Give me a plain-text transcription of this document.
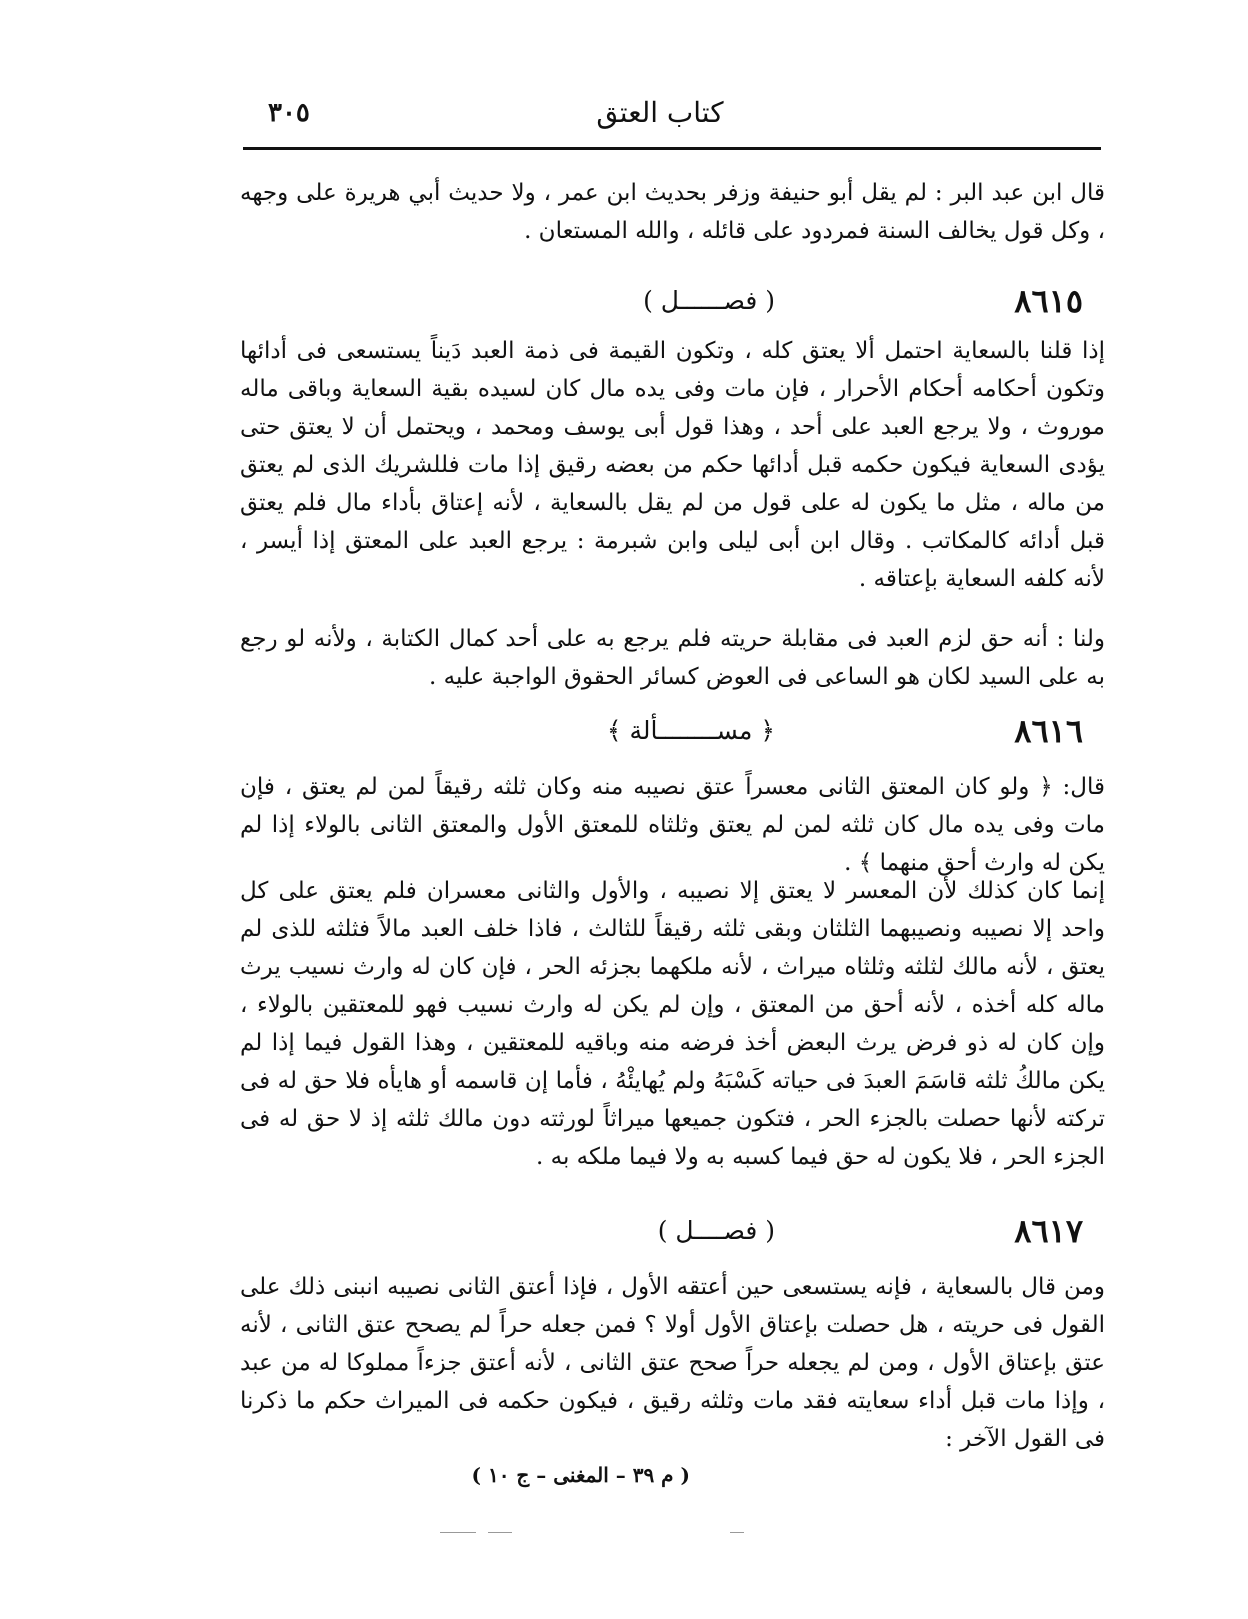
٣٠٥	كتاب العتق

قال ابن عبد البر : لم يقل أبو حنيفة وزفر بحديث ابن عمر ، ولا حديث أبي هريرة على وجهه ، وكل قول يخالف السنة فمردود على قائله ، والله المستعان .

٨٦١٥
( فصــــــل )

إذا قلنا بالسعاية احتمل ألا يعتق كله ، وتكون القيمة فى ذمة العبد دَيناً يستسعى فى أدائها وتكون أحكامه أحكام الأحرار ، فإن مات وفى يده مال كان لسيده بقية السعاية وباقى ماله موروث ، ولا يرجع العبد على أحد ، وهذا قول أبى يوسف ومحمد ، ويحتمل أن لا يعتق حتى يؤدى السعاية فيكون حكمه قبل أدائها حكم من بعضه رقيق إذا مات فللشريك الذى لم يعتق من ماله ، مثل ما يكون له على قول من لم يقل بالسعاية ، لأنه إعتاق بأداء مال فلم يعتق قبل أدائه كالمكاتب . وقال ابن أبى ليلى وابن شبرمة : يرجع العبد على المعتق إذا أيسر ، لأنه كلفه السعاية بإعتاقه .

ولنا : أنه حق لزم العبد فى مقابلة حريته فلم يرجع به على أحد كمال الكتابة ، ولأنه لو رجع به على السيد لكان هو الساعى فى العوض كسائر الحقوق الواجبة عليه .

٨٦١٦
﴿ مســــــــألة ﴾

قال: ﴿ ولو كان المعتق الثانى معسراً عتق نصيبه منه وكان ثلثه رقيقاً لمن لم يعتق ، فإن مات وفى يده مال كان ثلثه لمن لم يعتق وثلثاه للمعتق الأول والمعتق الثانى بالولاء إذا لم يكن له وارث أحق منهما ﴾ .

إنما كان كذلك لأن المعسر لا يعتق إلا نصيبه ، والأول والثانى معسران فلم يعتق على كل واحد إلا نصيبه ونصيبهما الثلثان وبقى ثلثه رقيقاً للثالث ، فاذا خلف العبد مالاً فثلثه للذى لم يعتق ، لأنه مالك لثلثه وثلثاه ميراث ، لأنه ملكهما بجزئه الحر ، فإن كان له وارث نسيب يرث ماله كله أخذه ، لأنه أحق من المعتق ، وإن لم يكن له وارث نسيب فهو للمعتقين بالولاء ، وإن كان له ذو فرض يرث البعض أخذ فرضه منه وباقيه للمعتقين ، وهذا القول فيما إذا لم يكن مالكُ ثلثه قاسَمَ العبدَ فى حياته كَسْبَهُ ولم يُهايئْهُ ، فأما إن قاسمه أو هايأه فلا حق له فى تركته لأنها حصلت بالجزء الحر ، فتكون جميعها ميراثاً لورثته دون مالك ثلثه إذ لا حق له فى الجزء الحر ، فلا يكون له حق فيما كسبه به ولا فيما ملكه به .

٨٦١٧
( فصــــل )

ومن قال بالسعاية ، فإنه يستسعى حين أعتقه الأول ، فإذا أعتق الثانى نصيبه انبنى ذلك على القول فى حريته ، هل حصلت بإعتاق الأول أولا ؟ فمن جعله حراً لم يصحح عتق الثانى ، لأنه عتق بإعتاق الأول ، ومن لم يجعله حراً صحح عتق الثانى ، لأنه أعتق جزءاً مملوكا له من عبد ، وإذا مات قبل أداء سعايته فقد مات وثلثه رقيق ، فيكون حكمه فى الميراث حكم ما ذكرنا فى القول الآخر :

( م ٣٩ – المغنى – ج ١٠ )
